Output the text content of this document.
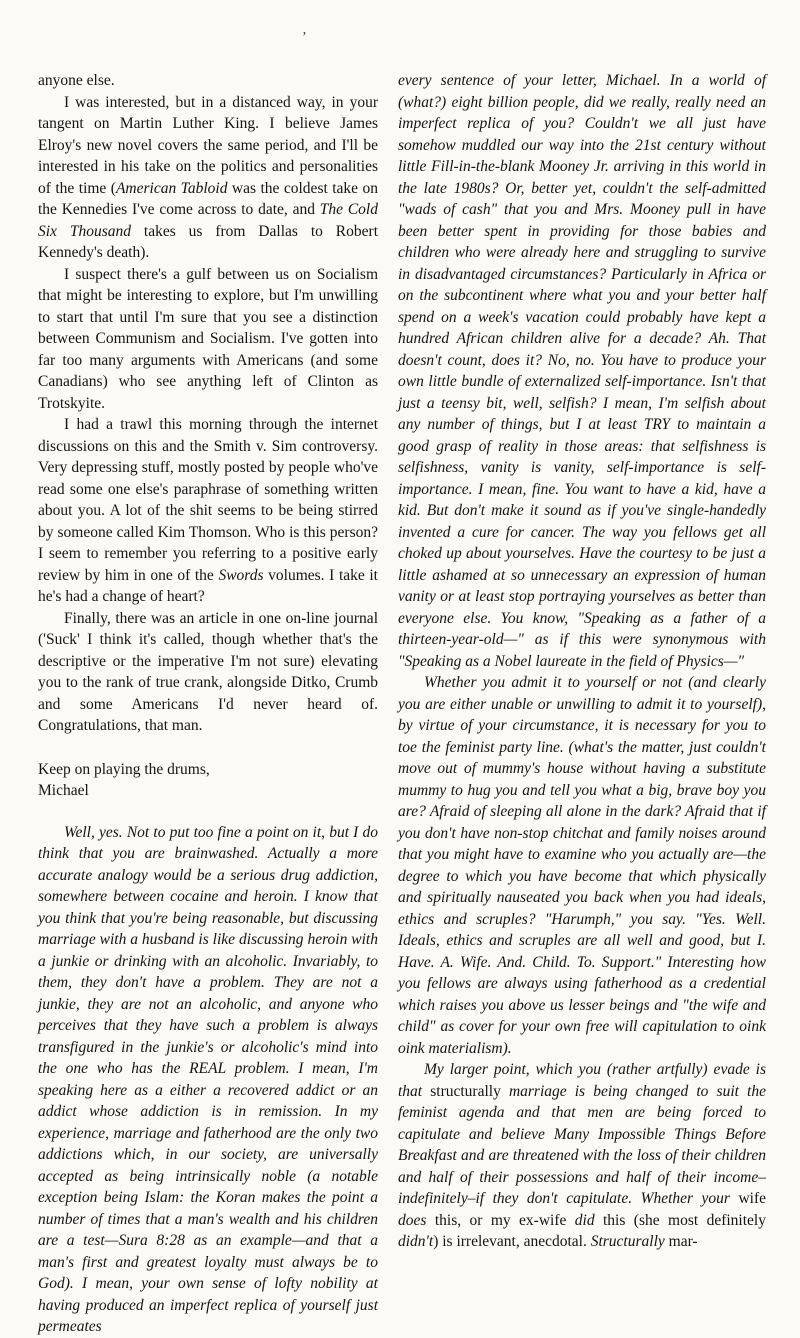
’

anyone else.

I was interested, but in a distanced way, in your tangent on Martin Luther King. I believe James Elroy's new novel covers the same period, and I'll be interested in his take on the politics and personalities of the time (American Tabloid was the coldest take on the Kennedies I've come across to date, and The Cold Six Thousand takes us from Dallas to Robert Kennedy's death).

I suspect there's a gulf between us on Socialism that might be interesting to explore, but I'm unwilling to start that until I'm sure that you see a distinction between Communism and Socialism. I've gotten into far too many arguments with Americans (and some Canadians) who see anything left of Clinton as Trotskyite.

I had a trawl this morning through the internet discussions on this and the Smith v. Sim controversy. Very depressing stuff, mostly posted by people who've read some one else's paraphrase of something written about you. A lot of the shit seems to be being stirred by someone called Kim Thomson. Who is this person? I seem to remember you referring to a positive early review by him in one of the Swords volumes. I take it he's had a change of heart?

Finally, there was an article in one on-line journal ('Suck' I think it's called, though whether that's the descriptive or the imperative I'm not sure) elevating you to the rank of true crank, alongside Ditko, Crumb and some Americans I'd never heard of. Congratulations, that man.

Keep on playing the drums,

Michael

Well, yes. Not to put too fine a point on it, but I do think that you are brainwashed. Actually a more accurate analogy would be a serious drug addiction, somewhere between cocaine and heroin. I know that you think that you're being reasonable, but discussing marriage with a husband is like discussing heroin with a junkie or drinking with an alcoholic. Invariably, to them, they don't have a problem. They are not a junkie, they are not an alcoholic, and anyone who perceives that they have such a problem is always transfigured in the junkie's or alcoholic's mind into the one who has the REAL problem. I mean, I'm speaking here as a either a recovered addict or an addict whose addiction is in remission. In my experience, marriage and fatherhood are the only two addictions which, in our society, are universally accepted as being intrinsically noble (a notable exception being Islam: the Koran makes the point a number of times that a man's wealth and his children are a test—Sura 8:28 as an example—and that a man's first and greatest loyalty must always be to God). I mean, your own sense of lofty nobility at having produced an imperfect replica of yourself just permeates

every sentence of your letter, Michael. In a world of (what?) eight billion people, did we really, really need an imperfect replica of you? Couldn't we all just have somehow muddled our way into the 21st century without little Fill-in-the-blank Mooney Jr. arriving in this world in the late 1980s? Or, better yet, couldn't the self-admitted "wads of cash" that you and Mrs. Mooney pull in have been better spent in providing for those babies and children who were already here and struggling to survive in disadvantaged circumstances? Particularly in Africa or on the subcontinent where what you and your better half spend on a week's vacation could probably have kept a hundred African children alive for a decade? Ah. That doesn't count, does it? No, no. You have to produce your own little bundle of externalized self-importance. Isn't that just a teensy bit, well, selfish? I mean, I'm selfish about any number of things, but I at least TRY to maintain a good grasp of reality in those areas: that selfishness is selfishness, vanity is vanity, self-importance is self-importance. I mean, fine. You want to have a kid, have a kid. But don't make it sound as if you've single-handedly invented a cure for cancer. The way you fellows get all choked up about yourselves. Have the courtesy to be just a little ashamed at so unnecessary an expression of human vanity or at least stop portraying yourselves as better than everyone else. You know, "Speaking as a father of a thirteen-year-old—" as if this were synonymous with "Speaking as a Nobel laureate in the field of Physics—"

Whether you admit it to yourself or not (and clearly you are either unable or unwilling to admit it to yourself), by virtue of your circumstance, it is necessary for you to toe the feminist party line. (what's the matter, just couldn't move out of mummy's house without having a substitute mummy to hug you and tell you what a big, brave boy you are? Afraid of sleeping all alone in the dark? Afraid that if you don't have non-stop chitchat and family noises around that you might have to examine who you actually are—the degree to which you have become that which physically and spiritually nauseated you back when you had ideals, ethics and scruples? "Harumph," you say. "Yes. Well. Ideals, ethics and scruples are all well and good, but I. Have. A. Wife. And. Child. To. Support." Interesting how you fellows are always using fatherhood as a credential which raises you above us lesser beings and "the wife and child" as cover for your own free will capitulation to oink oink materialism).

My larger point, which you (rather artfully) evade is that structurally marriage is being changed to suit the feminist agenda and that men are being forced to capitulate and believe Many Impossible Things Before Breakfast and are threatened with the loss of their children and half of their possessions and half of their income–indefinitely–if they don't capitulate. Whether your wife does this, or my ex-wife did this (she most definitely didn't) is irrelevant, anecdotal. Structurally mar-
